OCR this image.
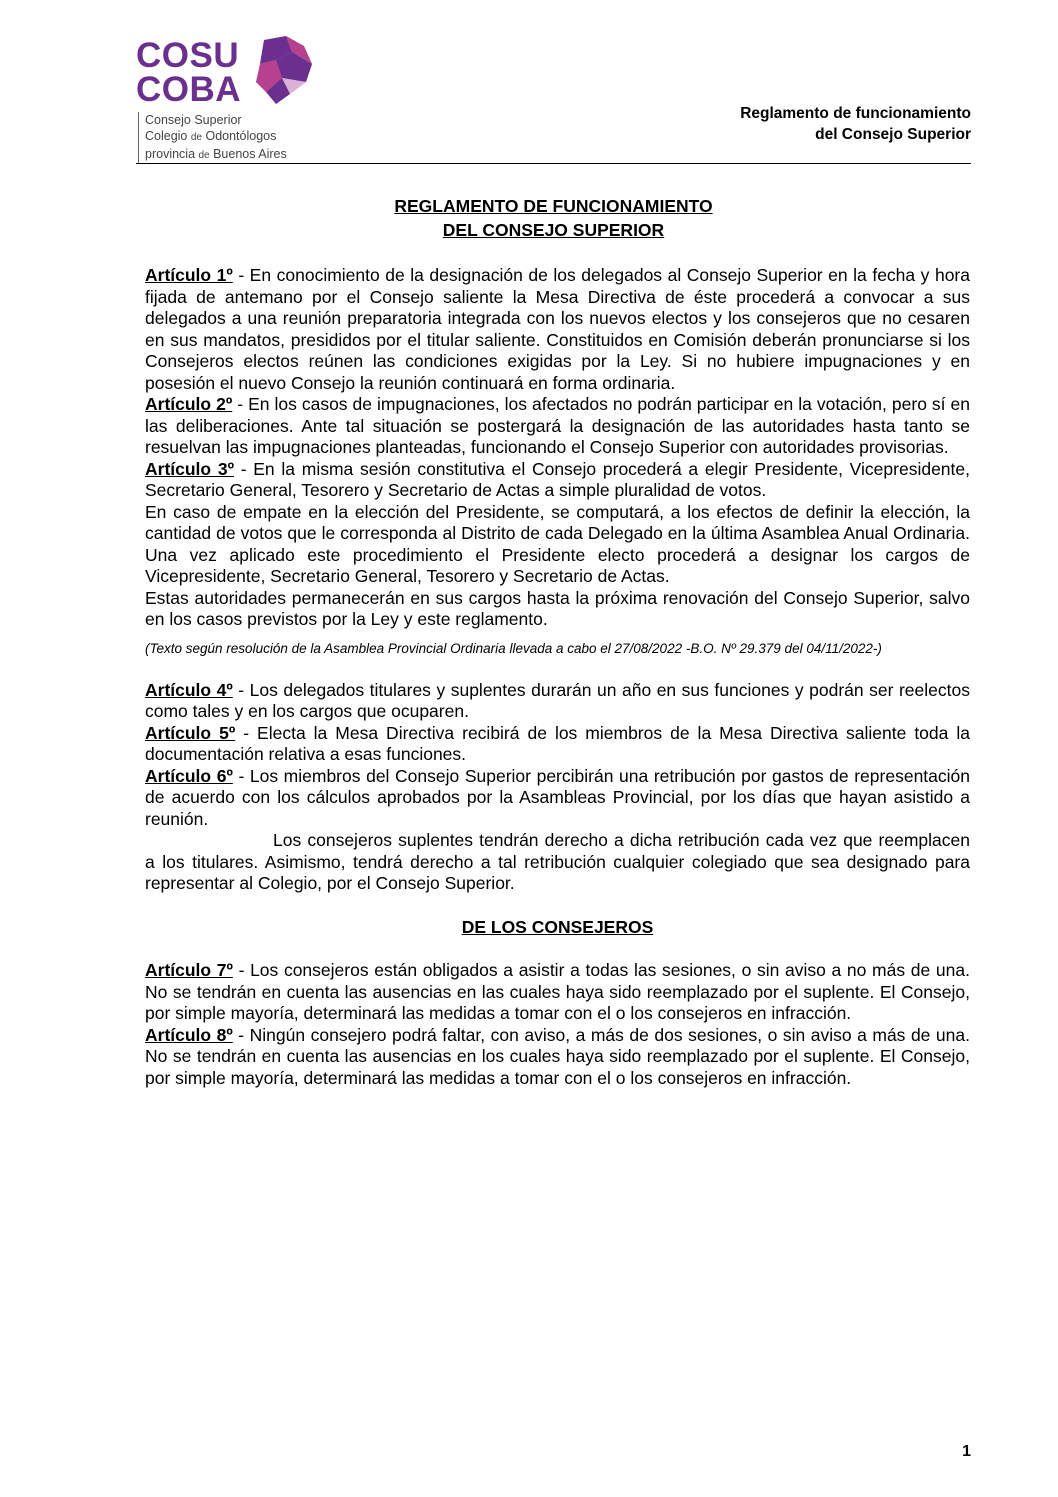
COSU
COBA
Consejo Superior
Colegio de Odontólogos
provincia de Buenos Aires
Reglamento de funcionamiento
del Consejo Superior
REGLAMENTO DE FUNCIONAMIENTO
DEL CONSEJO SUPERIOR

Artículo 1º - En conocimiento de la designación de los delegados al Consejo Superior en la fecha y hora fijada de antemano por el Consejo saliente la Mesa Directiva de éste procederá a convocar a sus delegados a una reunión preparatoria integrada con los nuevos electos y los consejeros que no cesaren en sus mandatos, presididos por el titular saliente. Constituidos en Comisión deberán pronunciarse si los Consejeros electos reúnen las condiciones exigidas por la Ley. Si no hubiere impugnaciones y en posesión el nuevo Consejo la reunión continuará en forma ordinaria.

Artículo 2º - En los casos de impugnaciones, los afectados no podrán participar en la votación, pero sí en las deliberaciones. Ante tal situación se postergará la designación de las autoridades hasta tanto se resuelvan las impugnaciones planteadas, funcionando el Consejo Superior con autoridades provisorias.

Artículo 3º - En la misma sesión constitutiva el Consejo procederá a elegir Presidente, Vicepresidente, Secretario General, Tesorero y Secretario de Actas a simple pluralidad de votos.

En caso de empate en la elección del Presidente, se computará, a los efectos de definir la elección, la cantidad de votos que le corresponda al Distrito de cada Delegado en la última Asamblea Anual Ordinaria. Una vez aplicado este procedimiento el Presidente electo procederá a designar los cargos de Vicepresidente, Secretario General, Tesorero y Secretario de Actas.

Estas autoridades permanecerán en sus cargos hasta la próxima renovación del Consejo Superior, salvo en los casos previstos por la Ley y este reglamento.

(Texto según resolución de la Asamblea Provincial Ordinaria llevada a cabo el 27/08/2022 -B.O. Nº 29.379 del 04/11/2022-)

Artículo 4º - Los delegados titulares y suplentes durarán un año en sus funciones y podrán ser reelectos como tales y en los cargos que ocuparen.

Artículo 5º - Electa la Mesa Directiva recibirá de los miembros de la Mesa Directiva saliente toda la documentación relativa a esas funciones.

Artículo 6º - Los miembros del Consejo Superior percibirán una retribución por gastos de representación de acuerdo con los cálculos aprobados por la Asambleas Provincial, por los días que hayan asistido a reunión.

Los consejeros suplentes tendrán derecho a dicha retribución cada vez que reemplacen a los titulares. Asimismo, tendrá derecho a tal retribución cualquier colegiado que sea designado para representar al Colegio, por el Consejo Superior.

DE LOS CONSEJEROS

Artículo 7º - Los consejeros están obligados a asistir a todas las sesiones, o sin aviso a no más de una. No se tendrán en cuenta las ausencias en las cuales haya sido reemplazado por el suplente. El Consejo, por simple mayoría, determinará las medidas a tomar con el o los consejeros en infracción.

Artículo 8º - Ningún consejero podrá faltar, con aviso, a más de dos sesiones, o sin aviso a más de una. No se tendrán en cuenta las ausencias en los cuales haya sido reemplazado por el suplente. El Consejo, por simple mayoría, determinará las medidas a tomar con el o los consejeros en infracción.

1
